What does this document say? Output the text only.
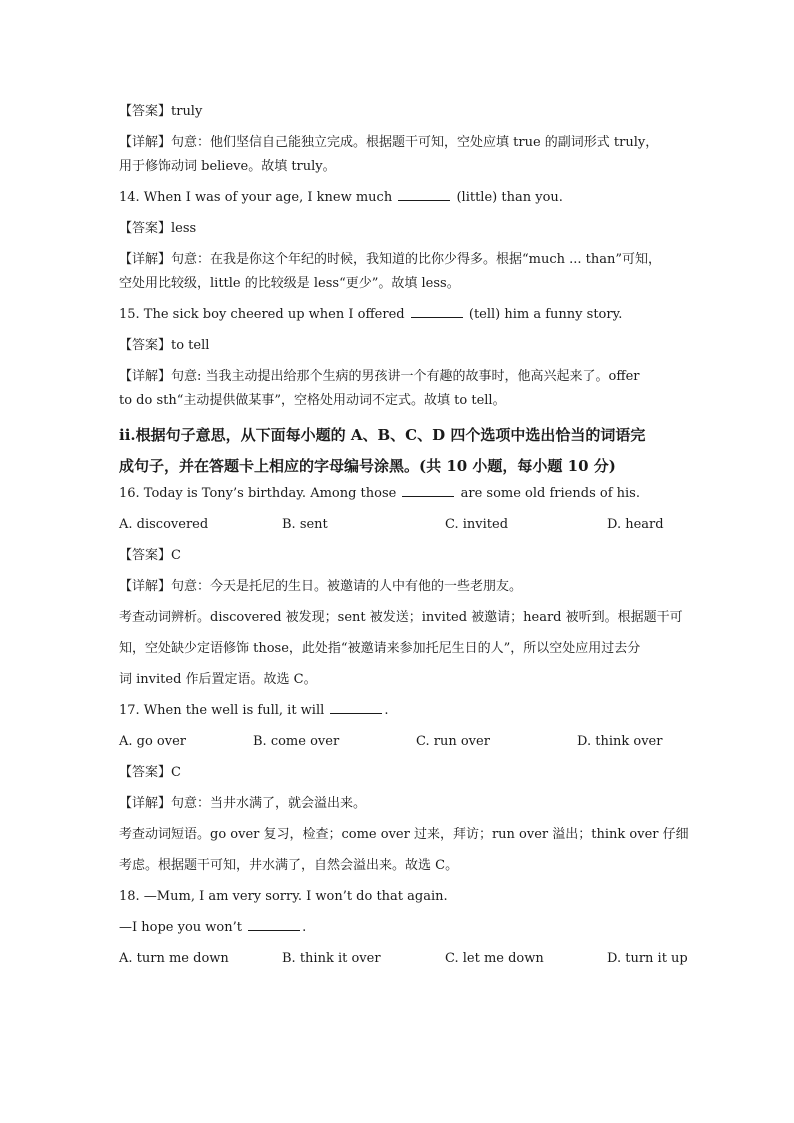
【答案】truly
【详解】句意：他们坚信自己能独立完成。根据题干可知，空处应填 true 的副词形式 truly，
用于修饰动词 believe。故填 truly。
14. When I was of your age, I knew much	(little) than you.
【答案】less
【详解】句意：在我是你这个年纪的时候，我知道的比你少得多。根据“much ... than”可知，
空处用比较级，little 的比较级是 less“更少”。故填 less。
15. The sick boy cheered up when I offered	(tell) him a funny story.
【答案】to tell
【详解】句意: 当我主动提出给那个生病的男孩讲一个有趣的故事时，他高兴起来了。offer
to do sth“主动提供做某事”，空格处用动词不定式。故填 to tell。
ii.根据句子意思，从下面每小题的 A、B、C、D 四个选项中选出恰当的词语完
成句子，并在答题卡上相应的字母编号涂黑。(共 10 小题，每小题 10 分)
16. Today is Tony’s birthday. Among those	are some old friends of his.
A. discovered	B. sent	C. invited	D. heard
【答案】C
【详解】句意：今天是托尼的生日。被邀请的人中有他的一些老朋友。
考查动词辨析。discovered 被发现；sent 被发送；invited 被邀请；heard 被听到。根据题干可
知，空处缺少定语修饰 those，此处指“被邀请来参加托尼生日的人”，所以空处应用过去分
词 invited 作后置定语。故选 C。
17. When the well is full, it will	.
A. go over	B. come over	C. run over	D. think over
【答案】C
【详解】句意：当井水满了，就会溢出来。
考查动词短语。go over 复习，检查；come over 过来，拜访；run over 溢出；think over 仔细
考虑。根据题干可知，井水满了，自然会溢出来。故选 C。
18. —Mum, I am very sorry. I won’t do that again.
—I hope you won’t	.
A. turn me down	B. think it over	C. let me down	D. turn it up
